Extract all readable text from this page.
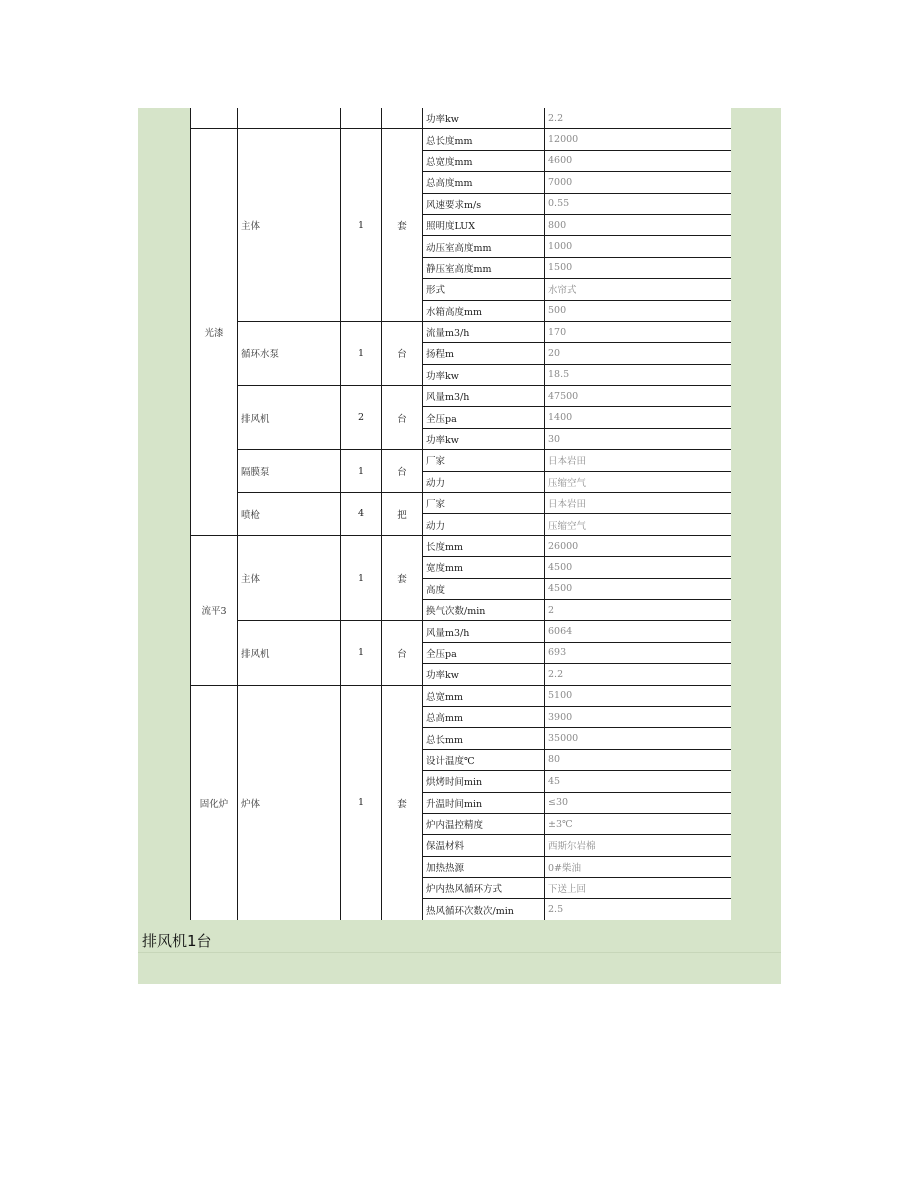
				功率kw	2.2
光漆	主体	1	套	总长度mm	12000
				总宽度mm	4600
				总高度mm	7000
				风速要求m/s	0.55
				照明度LUX	800
				动压室高度mm	1000
				静压室高度mm	1500
				形式	水帘式
				水箱高度mm	500
	循环水泵	1	台	流量m3/h	170
				扬程m	20
				功率kw	18.5
	排风机	2	台	风量m3/h	47500
				全压pa	1400
				功率kw	30
	隔膜泵	1	台	厂家	日本岩田
				动力	压缩空气
	喷枪	4	把	厂家	日本岩田
				动力	压缩空气
流平3	主体	1	套	长度mm	26000
				宽度mm	4500
				高度	4500
				换气次数/min	2
	排风机	1	台	风量m3/h	6064
				全压pa	693
				功率kw	2.2
固化炉	炉体	1	套	总宽mm	5100
				总高mm	3900
				总长mm	35000
				设计温度℃	80
				烘烤时间min	45
				升温时间min	≤30
				炉内温控精度	±3℃
				保温材料	西斯尔岩棉
				加热热源	0#柴油
				炉内热风循环方式	下送上回
				热风循环次数次/min	2.5
排风机1台
